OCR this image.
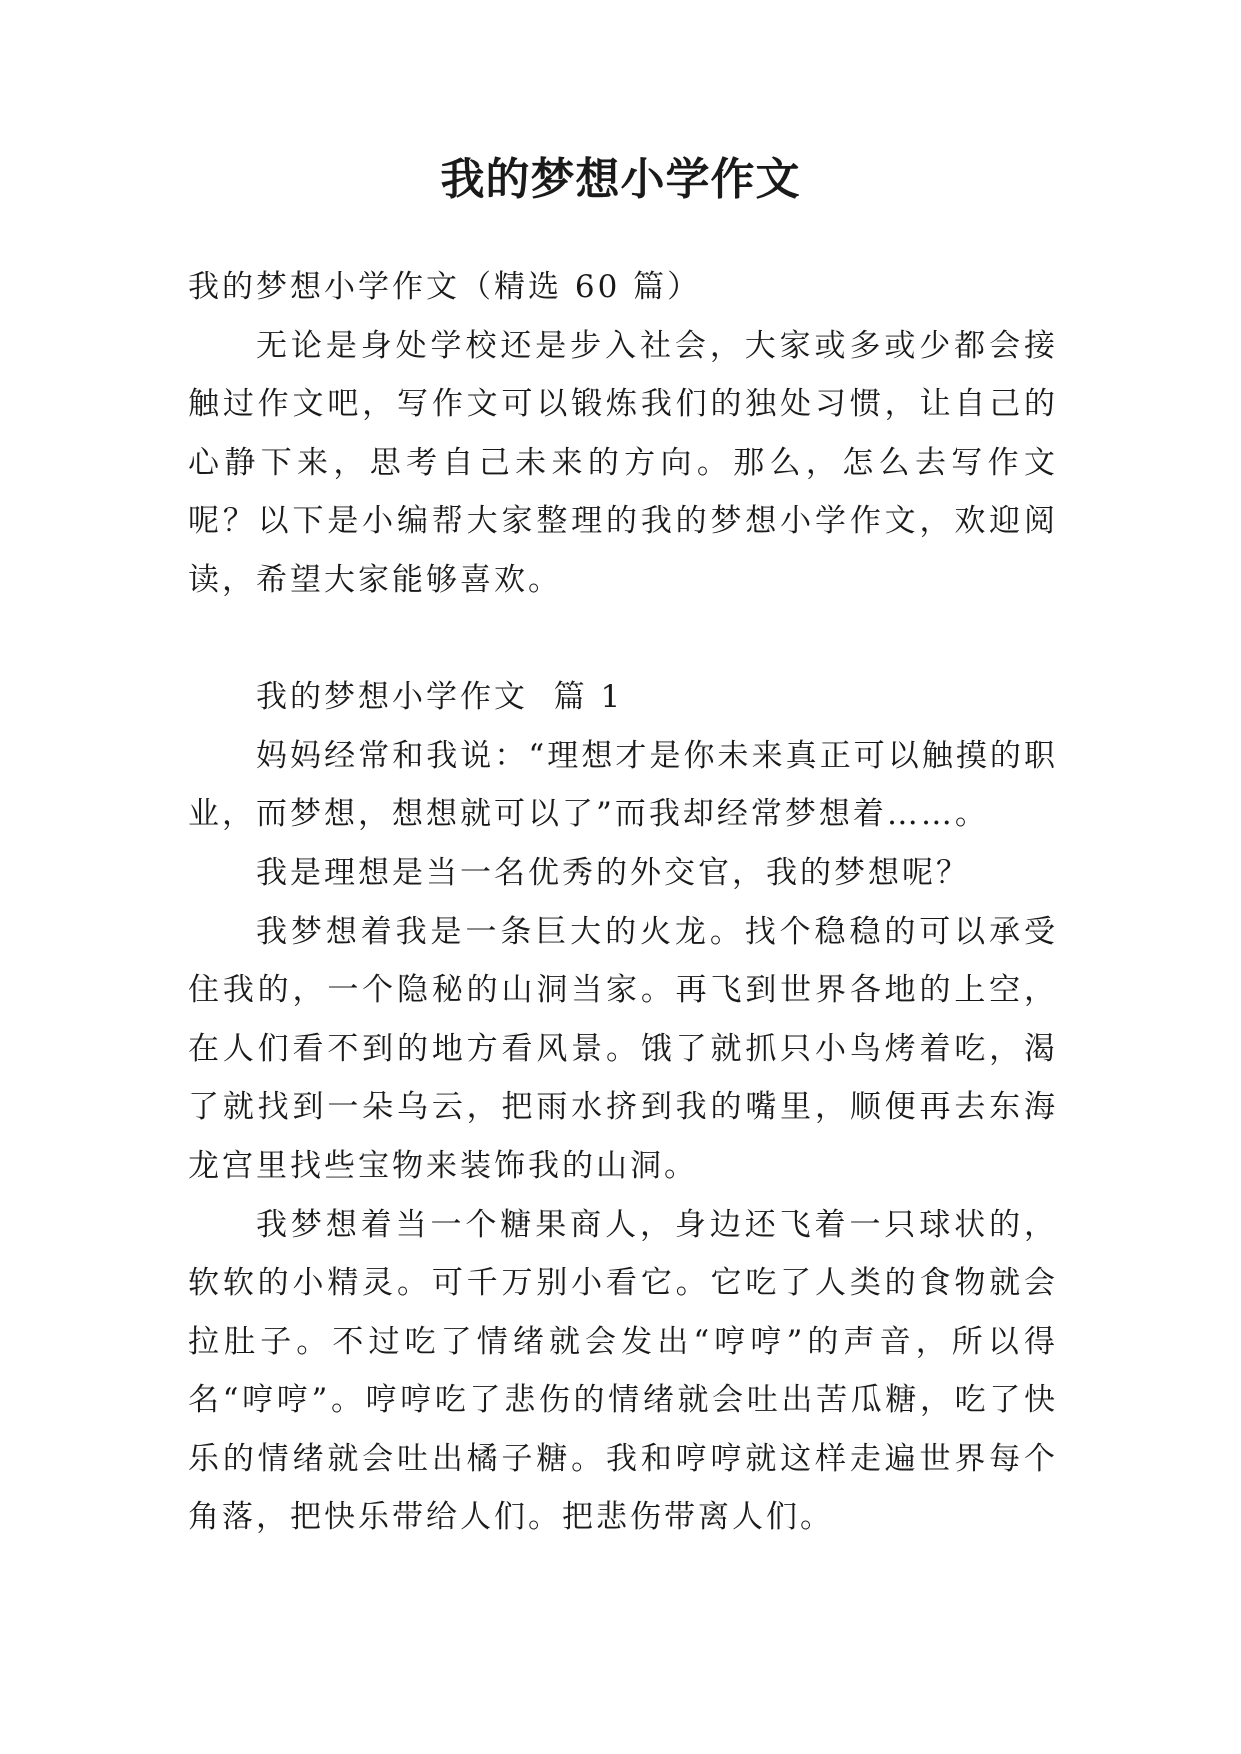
我的梦想小学作文

我的梦想小学作文（精选 60 篇）

无论是身处学校还是步入社会，大家或多或少都会接触过作文吧，写作文可以锻炼我们的独处习惯，让自己的心静下来，思考自己未来的方向。那么，怎么去写作文呢？以下是小编帮大家整理的我的梦想小学作文，欢迎阅读，希望大家能够喜欢。

我的梦想小学作文  篇 1

妈妈经常和我说：“理想才是你未来真正可以触摸的职业，而梦想，想想就可以了”而我却经常梦想着……。

我是理想是当一名优秀的外交官，我的梦想呢？

我梦想着我是一条巨大的火龙。找个稳稳的可以承受住我的，一个隐秘的山洞当家。再飞到世界各地的上空，在人们看不到的地方看风景。饿了就抓只小鸟烤着吃，渴了就找到一朵乌云，把雨水挤到我的嘴里，顺便再去东海龙宫里找些宝物来装饰我的山洞。

我梦想着当一个糖果商人，身边还飞着一只球状的，软软的小精灵。可千万别小看它。它吃了人类的食物就会拉肚子。不过吃了情绪就会发出“哼哼”的声音，所以得名“哼哼”。哼哼吃了悲伤的情绪就会吐出苦瓜糖，吃了快乐的情绪就会吐出橘子糖。我和哼哼就这样走遍世界每个角落，把快乐带给人们。把悲伤带离人们。
